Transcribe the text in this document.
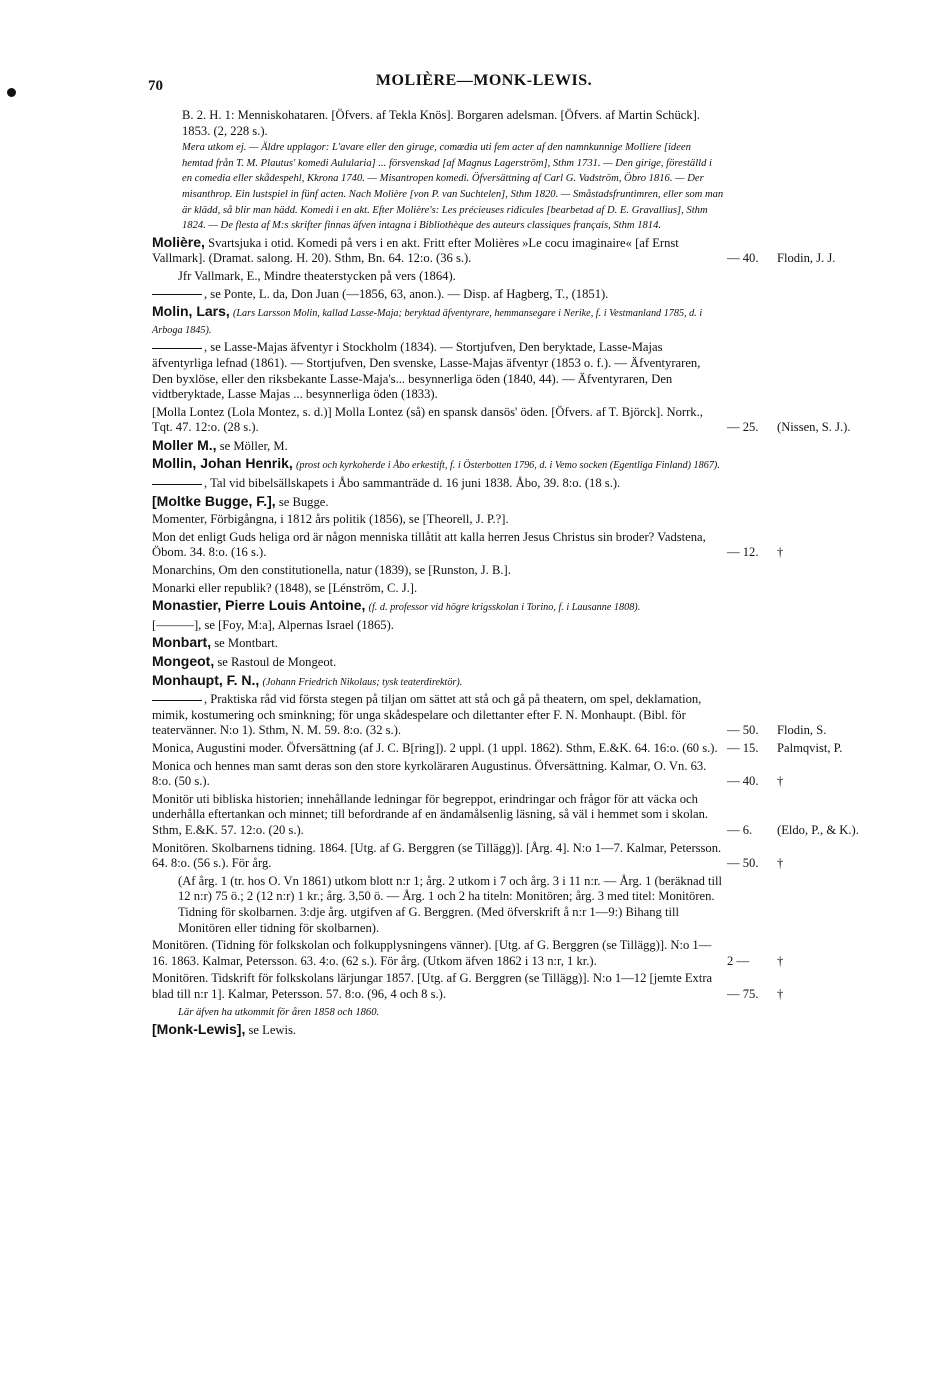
70	MOLIÈRE—MONK-LEWIS.
B. 2. H. 1: Menniskohataren. [Öfvers. af Tekla Knös]. Borgaren adelsman. [Öfvers. af Martin Schück]. 1853. (2, 228 s.).
Mera utkom ej. — Äldre upplagor: L'avare eller den giruge, comœdia uti fem acter af den namnkunnige Molliere [ideen hemtad från T. M. Plautus' komedi Aulularia] ... försvenskad [af Magnus Lagerström], Sthm 1731. — Den girige, föreställd i en comedia eller skådespehl, Kkrona 1740. — Misantropen komedi. Öfversättning af Carl G. Vadström, Öbro 1816. — Der misanthrop. Ein lustspiel in fünf acten. Nach Molière [von P. van Suchtelen], Sthm 1820. — Småstadsfruntimren, eller som man är klädd, så blir man hädd. Komedi i en akt. Efter Molière's: Les précieuses ridicules [bearbetad af D. E. Gravallius], Sthm 1824. — De flesta af M:s skrifter finnas äfven intagna i Bibliothèque des auteurs classiques français, Sthm 1814.
Molière, Svartsjuka i otid. Komedi på vers i en akt. Fritt efter Molières »Le cocu imaginaire« [af Ernst Vallmark]. (Dramat. salong. H. 20). Sthm, Bn. 64. 12:o. (36 s.).	— 40.	Flodin, J. J.
Jfr Vallmark, E., Mindre theaterstycken på vers (1864).
, se Ponte, L. da, Don Juan (—1856, 63, anon.). — Disp. af Hagberg, T., (1851).
Molin, Lars, (Lars Larsson Molin, kallad Lasse-Maja; beryktad äfventyrare, hemmansegare i Nerike, f. i Vestmanland 1785, d. i Arboga 1845).
, se Lasse-Majas äfventyr i Stockholm (1834). — Stortjufven, Den beryktade, Lasse-Majas äfventyrliga lefnad (1861). — Stortjufven, Den svenske, Lasse-Majas äfventyr (1853 o. f.). — Äfventyraren, Den byxlöse, eller den riksbekante Lasse-Maja's... besynnerliga öden (1840, 44). — Äfventyraren, Den vidtberyktade, Lasse Majas ... besynnerliga öden (1833).
[Molla Lontez (Lola Montez, s. d.)] Molla Lontez (så) en spansk dansös' öden. [Öfvers. af T. Björck]. Norrk., Tqt. 47. 12:o. (28 s.).	— 25.	(Nissen, S. J.).
Moller M., se Möller, M.
Mollin, Johan Henrik, (prost och kyrkoherde i Åbo erkestift, f. i Österbotten 1796, d. i Vemo socken (Egentliga Finland) 1867).
, Tal vid bibelsällskapets i Åbo sammanträde d. 16 juni 1838. Åbo, 39. 8:o. (18 s.).
[Moltke Bugge, F.], se Bugge.
Momenter, Förbigångna, i 1812 års politik (1856), se [Theorell, J. P.?].
Mon det enligt Guds heliga ord är någon menniska tillåtit att kalla herren Jesus Christus sin broder? Vadstena, Öbom. 34. 8:o. (16 s.).	— 12.	†
Monarchins, Om den constitutionella, natur (1839), se [Runston, J. B.].
Monarki eller republik? (1848), se [Lénström, C. J.].
Monastier, Pierre Louis Antoine, (f. d. professor vid högre krigsskolan i Torino, f. i Lausanne 1808).
[———], se [Foy, M:a], Alpernas Israel (1865).
Monbart, se Montbart.
Mongeot, se Rastoul de Mongeot.
Monhaupt, F. N., (Johann Friedrich Nikolaus; tysk teaterdirektör).
, Praktiska råd vid första stegen på tiljan om sättet att stå och gå på theatern, om spel, deklamation, mimik, kostumering och sminkning; för unga skådespelare och dilettanter efter F. N. Monhaupt. (Bibl. för teatervänner. N:o 1). Sthm, N. M. 59. 8:o. (32 s.).	— 50.	Flodin, S.
Monica, Augustini moder. Öfversättning (af J. C. B[ring]). 2 uppl. (1 uppl. 1862). Sthm, E.&K. 64. 16:o. (60 s.). — 15.	Palmqvist, P.
Monica och hennes man samt deras son den store kyrkoläraren Augustinus. Öfversättning. Kalmar, O. Vn. 63. 8:o. (50 s.).	— 40.	†
Monitör uti bibliska historien; innehållande ledningar för begreppot, erindringar och frågor för att väcka och underhålla eftertankan och minnet; till befordrande af en ändamålsenlig läsning, så väl i hemmet som i skolan. Sthm, E.&K. 57. 12:o. (20 s.).	— 6.	(Eldo, P., & K.).
Monitören. Skolbarnens tidning. 1864. [Utg. af G. Berggren (se Tillägg)]. [Årg. 4]. N:o 1—7. Kalmar, Petersson. 64. 8:o. (56 s.). För årg.	— 50.	†
(Af årg. 1 (tr. hos O. Vn 1861) utkom blott n:r 1; årg. 2 utkom i 7 och årg. 3 i 11 n:r. — Årg. 1 (beräknad till 12 n:r) 75 ö.; 2 (12 n:r) 1 kr.; årg. 3,50 ö. — Årg. 1 och 2 ha titeln: Monitören; årg. 3 med titel: Monitören. Tidning för skolbarnen. 3:dje årg. utgifven af G. Berggren. (Med öfverskrift å n:r 1—9:) Bihang till Monitören eller tidning för skolbarnen).
Monitören. (Tidning för folkskolan och folkupplysningens vänner). [Utg. af G. Berggren (se Tillägg)]. N:o 1—16. 1863. Kalmar, Petersson. 63. 4:o. (62 s.). För årg. (Utkom äfven 1862 i 13 n:r, 1 kr.).	2 —	†
Monitören. Tidskrift för folkskolans lärjungar 1857. [Utg. af G. Berggren (se Tillägg)]. N:o 1—12 [jemte Extra blad till n:r 1]. Kalmar, Petersson. 57. 8:o. (96, 4 och 8 s.).	— 75.	†
Lär äfven ha utkommit för åren 1858 och 1860.
[Monk-Lewis], se Lewis.
